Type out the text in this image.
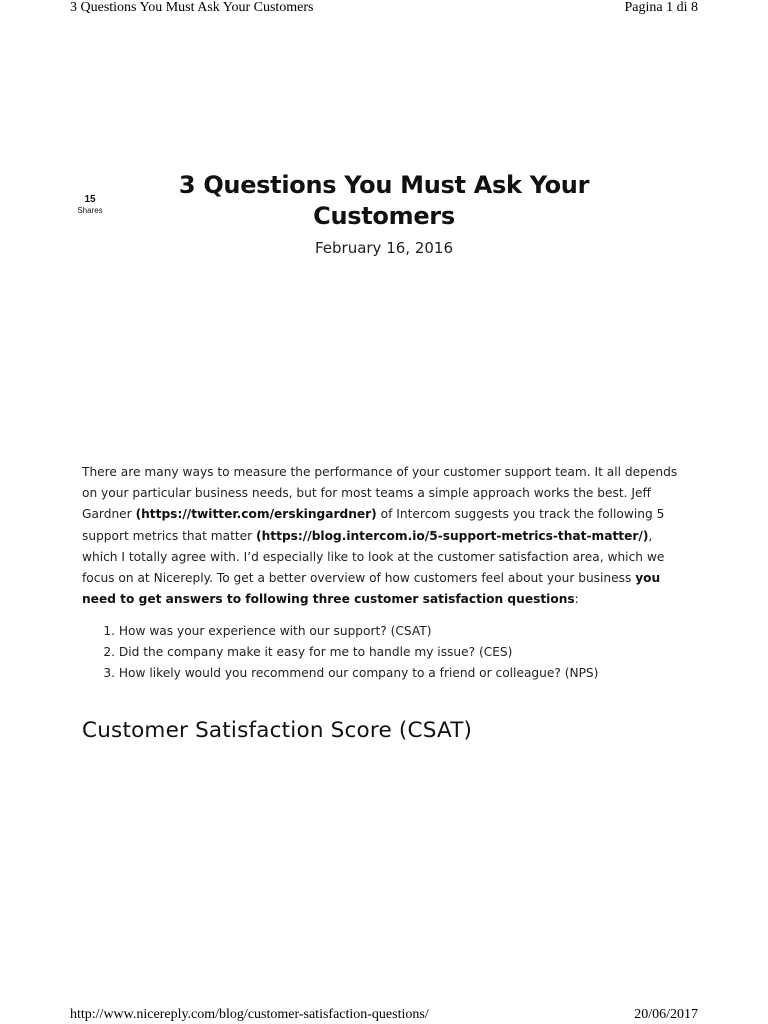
3 Questions You Must Ask Your Customers	Pagina 1 di 8
15
Shares
3 Questions You Must Ask Your Customers
February 16, 2016

There are many ways to measure the performance of your customer support team. It all depends on your particular business needs, but for most teams a simple approach works the best. Jeff Gardner (https://twitter.com/erskingardner) of Intercom suggests you track the following 5 support metrics that matter (https://blog.intercom.io/5-support-metrics-that-matter/), which I totally agree with. I’d especially like to look at the customer satisfaction area, which we focus on at Nicereply. To get a better overview of how customers feel about your business you need to get answers to following three customer satisfaction questions:

1.
How was your experience with our support? (CSAT)
2.
Did the company make it easy for me to handle my issue? (CES)
3.
How likely would you recommend our company to a friend or colleague? (NPS)
Customer Satisfaction Score (CSAT)
http://www.nicereply.com/blog/customer-satisfaction-questions/	20/06/2017
